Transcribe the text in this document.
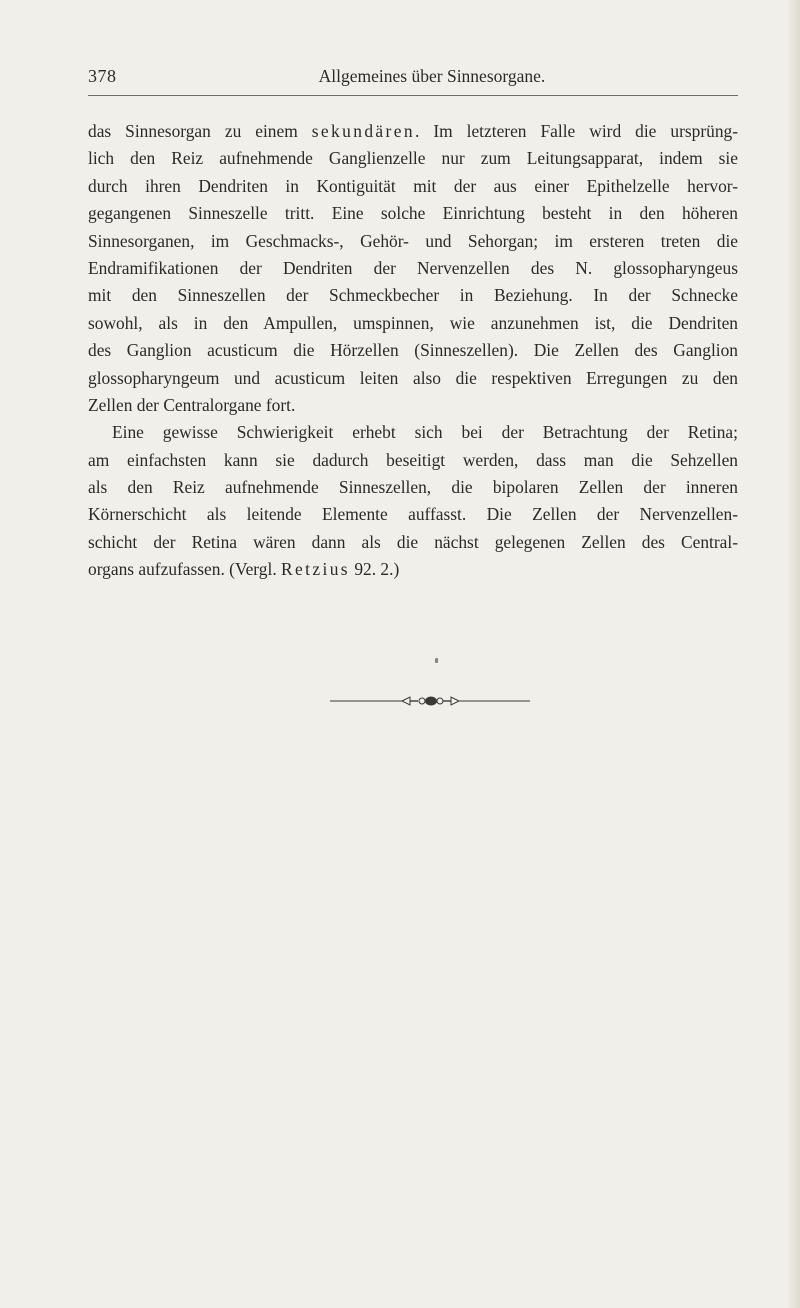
378	Allgemeines über Sinnesorgane.
das Sinnesorgan zu einem sekundären. Im letzteren Falle wird die ursprüng-
lich den Reiz aufnehmende Ganglienzelle nur zum Leitungsapparat, indem sie
durch ihren Dendriten in Kontiguität mit der aus einer Epithelzelle hervor-
gegangenen Sinneszelle tritt. Eine solche Einrichtung besteht in den höheren
Sinnesorganen, im Geschmacks-, Gehör- und Sehorgan; im ersteren treten die
Endramifikationen der Dendriten der Nervenzellen des N. glossopharyngeus
mit den Sinneszellen der Schmeckbecher in Beziehung. In der Schnecke
sowohl, als in den Ampullen, umspinnen, wie anzunehmen ist, die Dendriten
des Ganglion acusticum die Hörzellen (Sinneszellen). Die Zellen des Ganglion
glossopharyngeum und acusticum leiten also die respektiven Erregungen zu den
Zellen der Centralorgane fort.
Eine gewisse Schwierigkeit erhebt sich bei der Betrachtung der Retina;
am einfachsten kann sie dadurch beseitigt werden, dass man die Sehzellen
als den Reiz aufnehmende Sinneszellen, die bipolaren Zellen der inneren
Körnerschicht als leitende Elemente auffasst. Die Zellen der Nervenzellen-
schicht der Retina wären dann als die nächst gelegenen Zellen des Central-
organs aufzufassen. (Vergl. Retzius 92. 2.)
